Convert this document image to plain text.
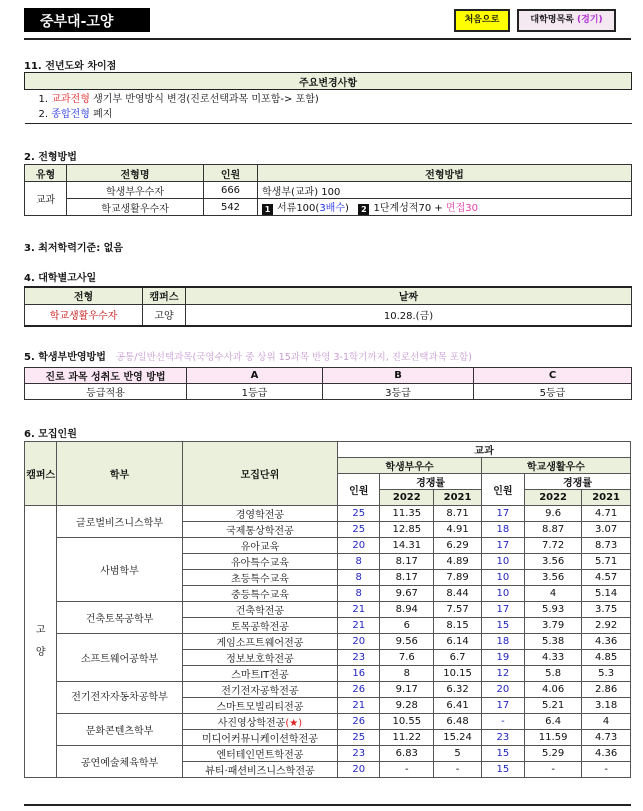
중부대-고양	처음으로	대학명목록 (경기)
11. 전년도와 차이점
주요변경사항
1. 교과전형 생기부 반영방식 변경(진로선택과목 미포함-> 포함)
2. 종합전형 폐지
2. 전형방법
유형	전형명	인원	전형방법
교과	학생부우수자	666	학생부(교과) 100
	학교생활우수자	542	1 서류100(3배수) 2 1단계성적70 + 면접30
3. 최저학력기준: 없음
4. 대학별고사일
전형	캠퍼스	날짜
학교생활우수자	고양	10.28.(금)
5. 학생부반영방법 공통/일반선택과목(국영수사과 중 상위 15과목 반영 3-1학기까지, 진로선택과목 포함)
진로 과목 성취도 반영 방법	A	B	C
등급적용	1등급	3등급	5등급
6. 모집인원
캠퍼스	학부	모집단위	교과					
			학생부우수			학교생활우수		
			인원	경쟁률		인원	경쟁률	
				2022	2021		2022	2021
고양	글로벌비즈니스학부	경영학전공	25	11.35	8.71	17	9.6	4.71
		국제통상학전공	25	12.85	4.91	18	8.87	3.07
	사범학부	유아교육	20	14.31	6.29	17	7.72	8.73
		유아특수교육	8	8.17	4.89	10	3.56	5.71
		초등특수교육	8	8.17	7.89	10	3.56	4.57
		중등특수교육	8	9.67	8.44	10	4	5.14
	건축토목공학부	건축학전공	21	8.94	7.57	17	5.93	3.75
		토목공학전공	21	6	8.15	15	3.79	2.92
	소프트웨어공학부	게임소프트웨어전공	20	9.56	6.14	18	5.38	4.36
		정보보호학전공	23	7.6	6.7	19	4.33	4.85
		스마트IT전공	16	8	10.15	12	5.8	5.3
	전기전자자동차공학부	전기전자공학전공	26	9.17	6.32	20	4.06	2.86
		스마트모빌리티전공	21	9.28	6.41	17	5.21	3.18
	문화콘텐츠학부	사진영상학전공(★)	26	10.55	6.48	-	6.4	4
		미디어커뮤니케이션학전공	25	11.22	15.24	23	11.59	4.73
	공연예술체육학부	엔터테인먼트학전공	23	6.83	5	15	5.29	4.36
		뷰티·패션비즈니스학전공	20	-	-	15	-	-
